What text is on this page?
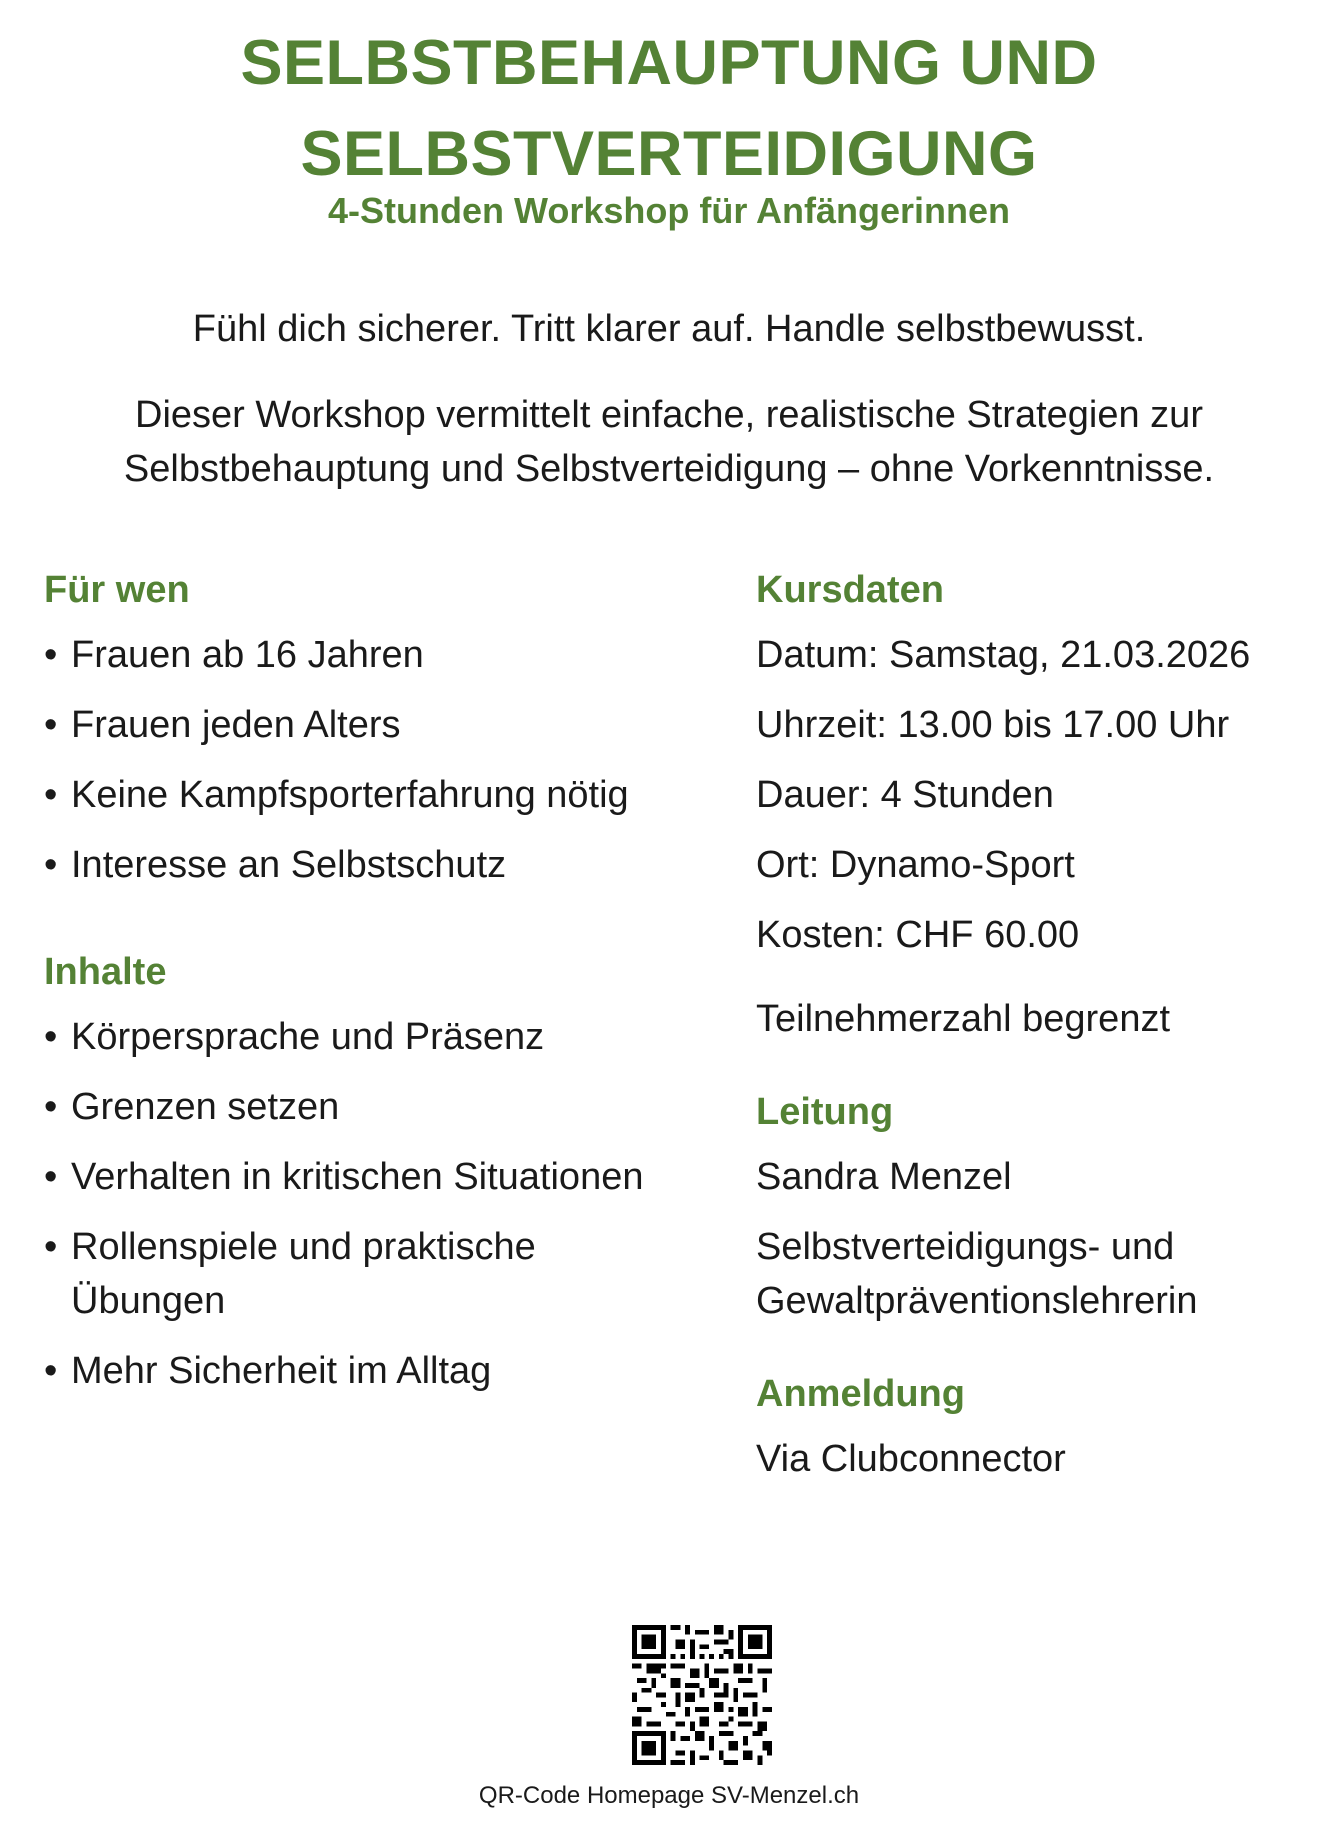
SELBSTBEHAUPTUNG UND
SELBSTVERTEIDIGUNG
4-Stunden Workshop für Anfängerinnen
Fühl dich sicherer. Tritt klarer auf. Handle selbstbewusst.
Dieser Workshop vermittelt einfache, realistische Strategien zur
Selbstbehauptung und Selbstverteidigung – ohne Vorkenntnisse.
Für wen
• Frauen ab 16 Jahren
• Frauen jeden Alters
• Keine Kampfsporterfahrung nötig
• Interesse an Selbstschutz
Inhalte
• Körpersprache und Präsenz
• Grenzen setzen
• Verhalten in kritischen Situationen
• Rollenspiele und praktische Übungen
• Mehr Sicherheit im Alltag
Kursdaten
Datum: Samstag, 21.03.2026
Uhrzeit: 13.00 bis 17.00 Uhr
Dauer: 4 Stunden
Ort: Dynamo-Sport
Kosten: CHF 60.00
Teilnehmerzahl begrenzt
Leitung
Sandra Menzel
Selbstverteidigungs- und
Gewaltpräventionslehrerin
Anmeldung
Via Clubconnector
QR-Code Homepage SV-Menzel.ch
